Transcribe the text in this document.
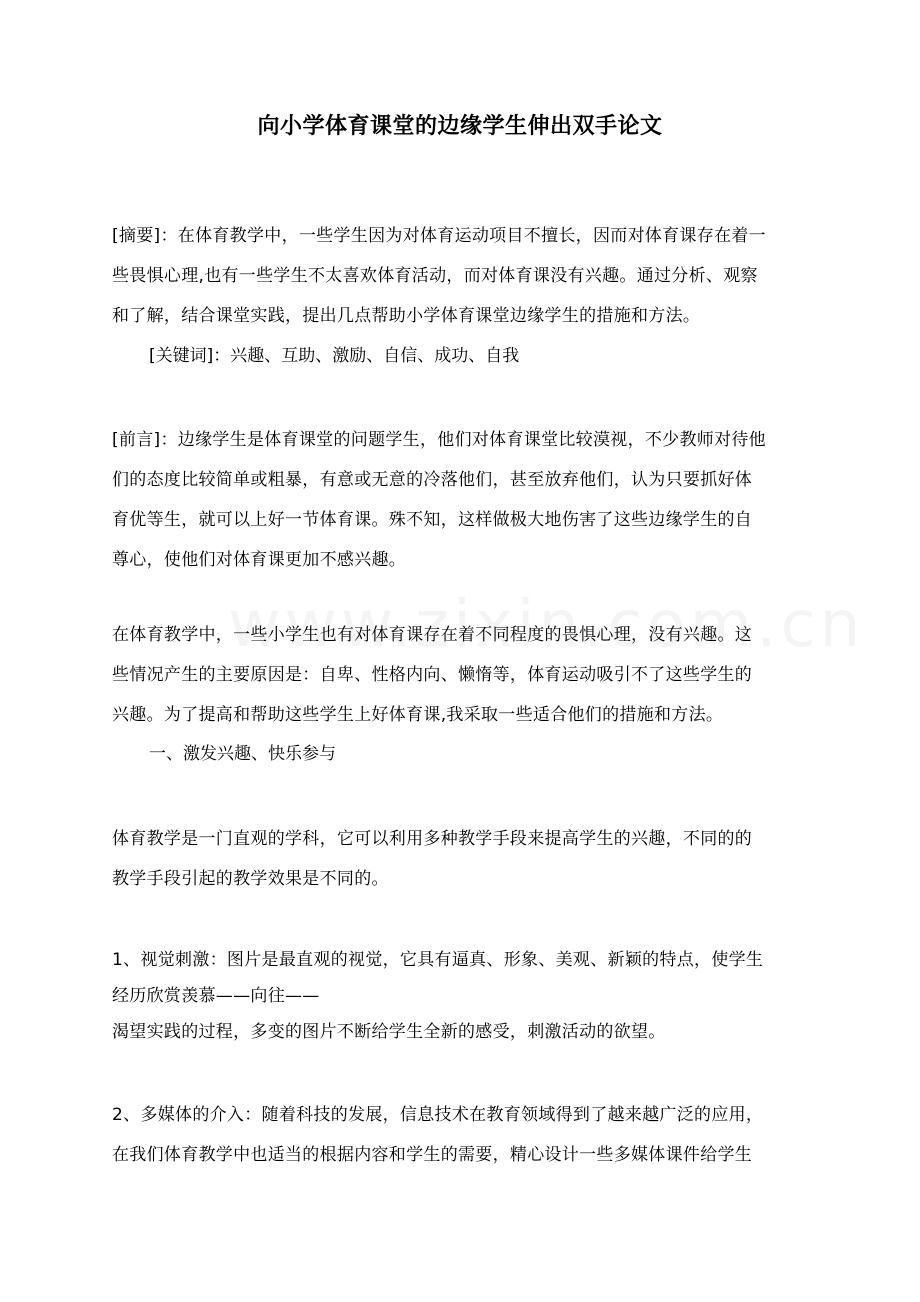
向小学体育课堂的边缘学生伸出双手论文
[摘要]：在体育教学中，一些学生因为对体育运动项目不擅长，因而对体育课存在着一
些畏惧心理,也有一些学生不太喜欢体育活动，而对体育课没有兴趣。通过分析、观察
和了解，结合课堂实践，提出几点帮助小学体育课堂边缘学生的措施和方法。
[关键词]：兴趣、互助、激励、自信、成功、自我
[前言]：边缘学生是体育课堂的问题学生，他们对体育课堂比较漠视，不少教师对待他
们的态度比较简单或粗暴，有意或无意的冷落他们，甚至放弃他们，认为只要抓好体
育优等生，就可以上好一节体育课。殊不知，这样做极大地伤害了这些边缘学生的自
尊心，使他们对体育课更加不感兴趣。
在体育教学中，一些小学生也有对体育课存在着不同程度的畏惧心理，没有兴趣。这
些情况产生的主要原因是：自卑、性格内向、懒惰等，体育运动吸引不了这些学生的
兴趣。为了提高和帮助这些学生上好体育课,我采取一些适合他们的措施和方法。
一、激发兴趣、快乐参与
体育教学是一门直观的学科，它可以利用多种教学手段来提高学生的兴趣，不同的的
教学手段引起的教学效果是不同的。
1、视觉刺激：图片是最直观的视觉，它具有逼真、形象、美观、新颖的特点，使学生
经历欣赏羡慕——向往——
渴望实践的过程，多变的图片不断给学生全新的感受，刺激活动的欲望。
2、多媒体的介入：随着科技的发展，信息技术在教育领域得到了越来越广泛的应用，
在我们体育教学中也适当的根据内容和学生的需要，精心设计一些多媒体课件给学生
